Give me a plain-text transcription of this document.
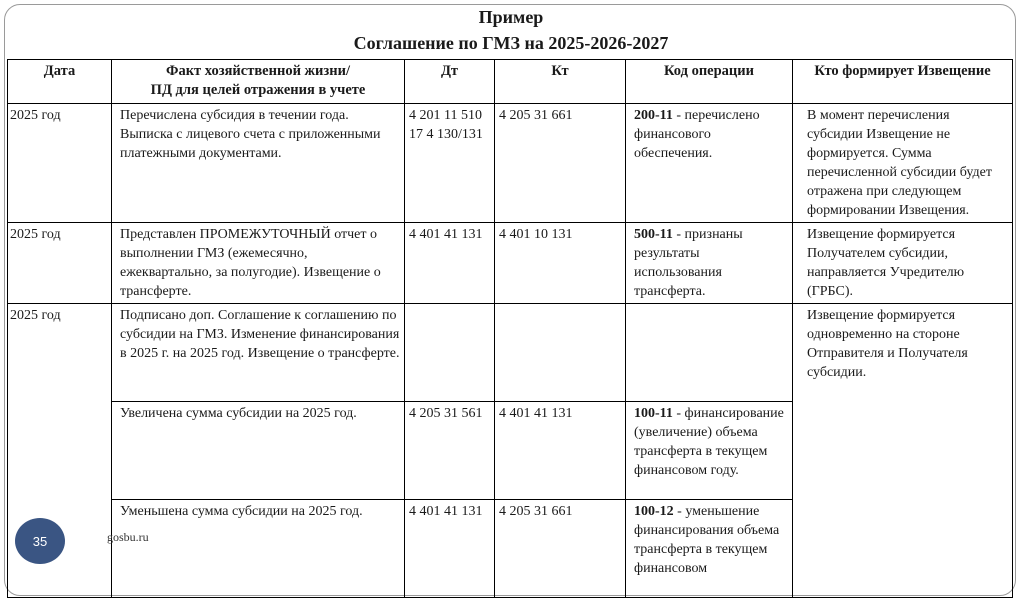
Пример
Соглашение по ГМЗ на 2025-2026-2027
Дата	Факт хозяйственной жизни/
ПД для целей отражения в учете	Дт	Кт	Код операции	Кто формирует Извещение
2025 год	Перечислена субсидия в течении года. Выписка с лицевого счета с приложенными платежными документами.	4 201 11 510 17 4 130/131	4 205 31 661	200-11 - перечислено финансового обеспечения.	В момент перечисления субсидии Извещение не формируется. Сумма перечисленной субсидии будет отражена при следующем формировании Извещения.
2025 год	Представлен ПРОМЕЖУТОЧНЫЙ отчет о выполнении ГМЗ (ежемесячно, ежеквартально, за полугодие). Извещение о трансферте.	4 401 41 131	4 401 10 131	500-11 - признаны результаты использования трансферта.	Извещение формируется Получателем субсидии, направляется Учредителю (ГРБС).
2025 год	Подписано доп. Соглашение к соглашению по субсидии на ГМЗ. Изменение финансирования в 2025 г. на 2025 год. Извещение о трансферте.				Извещение формируется одновременно на стороне Отправителя и Получателя субсидии.
	Увеличена сумма субсидии на 2025 год.	4 205 31 561	4 401 41 131	100-11 - финансирование (увеличение) объема трансферта в текущем финансовом году.	
	Уменьшена сумма субсидии на 2025 год.	4 401 41 131	4 205 31 661	100-12 - уменьшение финансирования объема трансферта в текущем финансовом	
35	gosbu.ru
